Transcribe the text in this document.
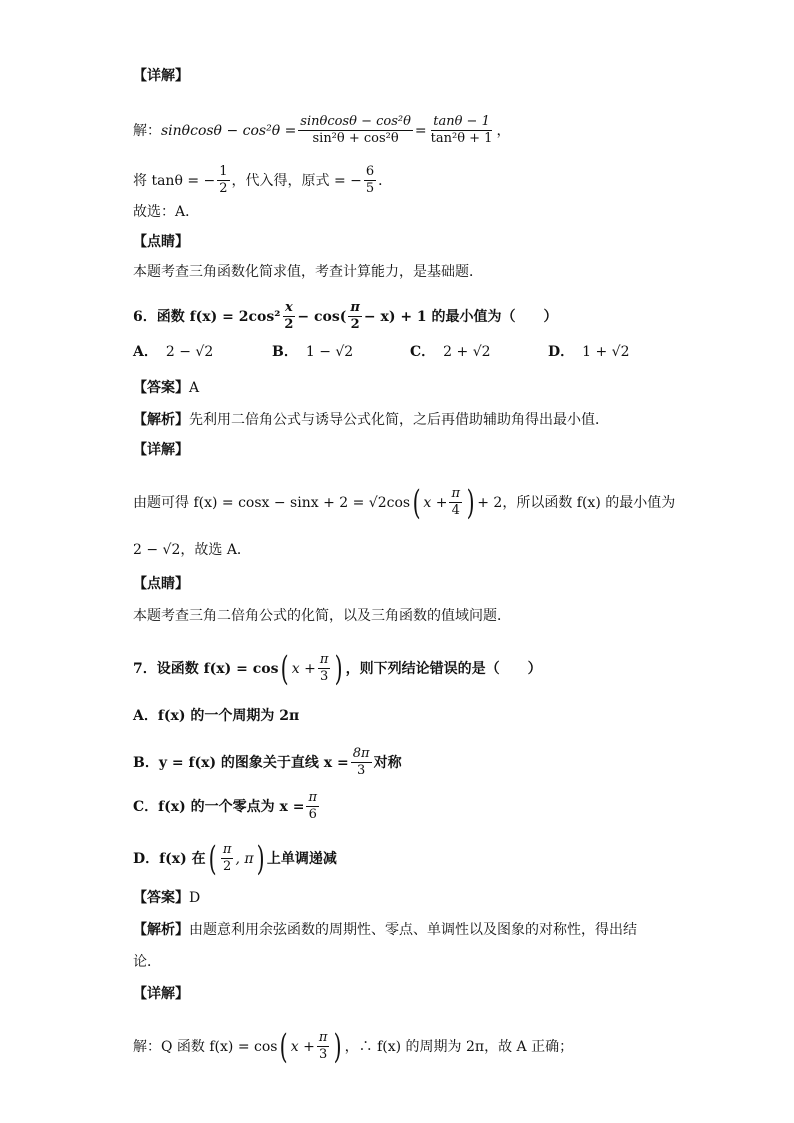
【详解】
解： $\sin\theta\cos\theta - \cos^2\theta = \frac{\text{sinθcosθ − cos²θ}}{\text{sin²θ + cos²θ}} = \frac{\tan\theta - 1}{\text{tan²θ + 1}}$ ，
将 tanθ = − $\frac{1}{2}$ ，代入得，原式 = − $\frac{6}{5}$ ．
故选：A．
【点睛】
本题考查三角函数化简求值，考查计算能力，是基础题．
6．函数 $f(x) = 2\cos^2 \frac{x}{2} - \cos( \frac{\pi}{2} - x) + 1$ 的最小值为（　　）
A． 2 − √2	B． 1 − √2	C． 2 + √2	D． 1 + √2
【答案】 A
【解析】 先利用二倍角公式与诱导公式化简，之后再借助辅助角得出最小值．
【详解】
由题可得 f(x) = cosx − sinx + 2 = √2cos ( $x + \frac{\pi}{4}$ ) + 2，所以函数 f(x) 的最小值为
2 − √2，故选 A．
【点睛】
本题考查三角二倍角公式的化简，以及三角函数的值域问题．
7．设函数 f(x) = cos ( $x + \frac{\pi}{3}$ ) ，则下列结论错误的是（　　）
A．f(x) 的一个周期为 2π
B．y = f(x) 的图象关于直线 $x = \frac{8\pi}{3}$ 对称
C．f(x) 的一个零点为 $x = \frac{\pi}{6}$
D．f(x) 在 ( $\frac{\pi}{2}$ , π ) 上单调递减
【答案】 D
【解析】 由题意利用余弦函数的周期性、零点、单调性以及图象的对称性，得出结
论．
【详解】
解：Q 函数 f(x) = cos ( $x + \frac{\pi}{3}$ ) ，∴ f(x) 的周期为 2π，故 A 正确；
